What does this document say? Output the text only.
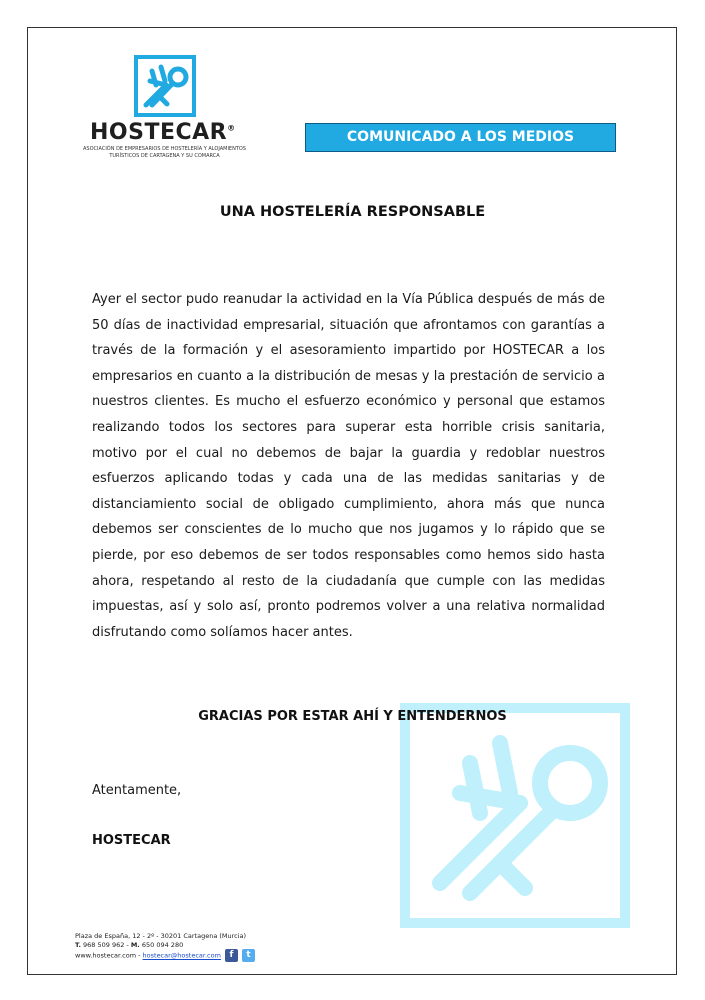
HOSTECAR®
ASOCIACIÓN DE EMPRESARIOS DE HOSTELERÍA Y ALOJAMIENTOS
TURÍSTICOS DE CARTAGENA Y SU COMARCA
COMUNICADO A LOS MEDIOS
UNA HOSTELERÍA RESPONSABLE
Ayer el sector pudo reanudar la actividad en la Vía Pública después de más de 50 días de inactividad empresarial, situación que afrontamos con garantías a través de la formación y el asesoramiento impartido por HOSTECAR a los empresarios en cuanto a la distribución de mesas y la prestación de servicio a nuestros clientes. Es mucho el esfuerzo económico y personal que estamos realizando todos los sectores para superar esta horrible crisis sanitaria, motivo por el cual no debemos de bajar la guardia y redoblar nuestros esfuerzos aplicando todas y cada una de las medidas sanitarias y de distanciamiento social de obligado cumplimiento, ahora más que nunca debemos ser conscientes de lo mucho que nos jugamos y lo rápido que se pierde, por eso debemos de ser todos responsables como hemos sido hasta ahora, respetando al resto de la ciudadanía que cumple con las medidas impuestas, así y solo así, pronto podremos volver a una relativa normalidad disfrutando como solíamos hacer antes.
GRACIAS POR ESTAR AHÍ Y ENTENDERNOS
Atentamente,
HOSTECAR
Plaza de España, 12 - 2º - 30201 Cartagena (Murcia)
T. 968 509 962 - M. 650 094 280
www.hostecar.com - hostecar@hostecar.com f t
